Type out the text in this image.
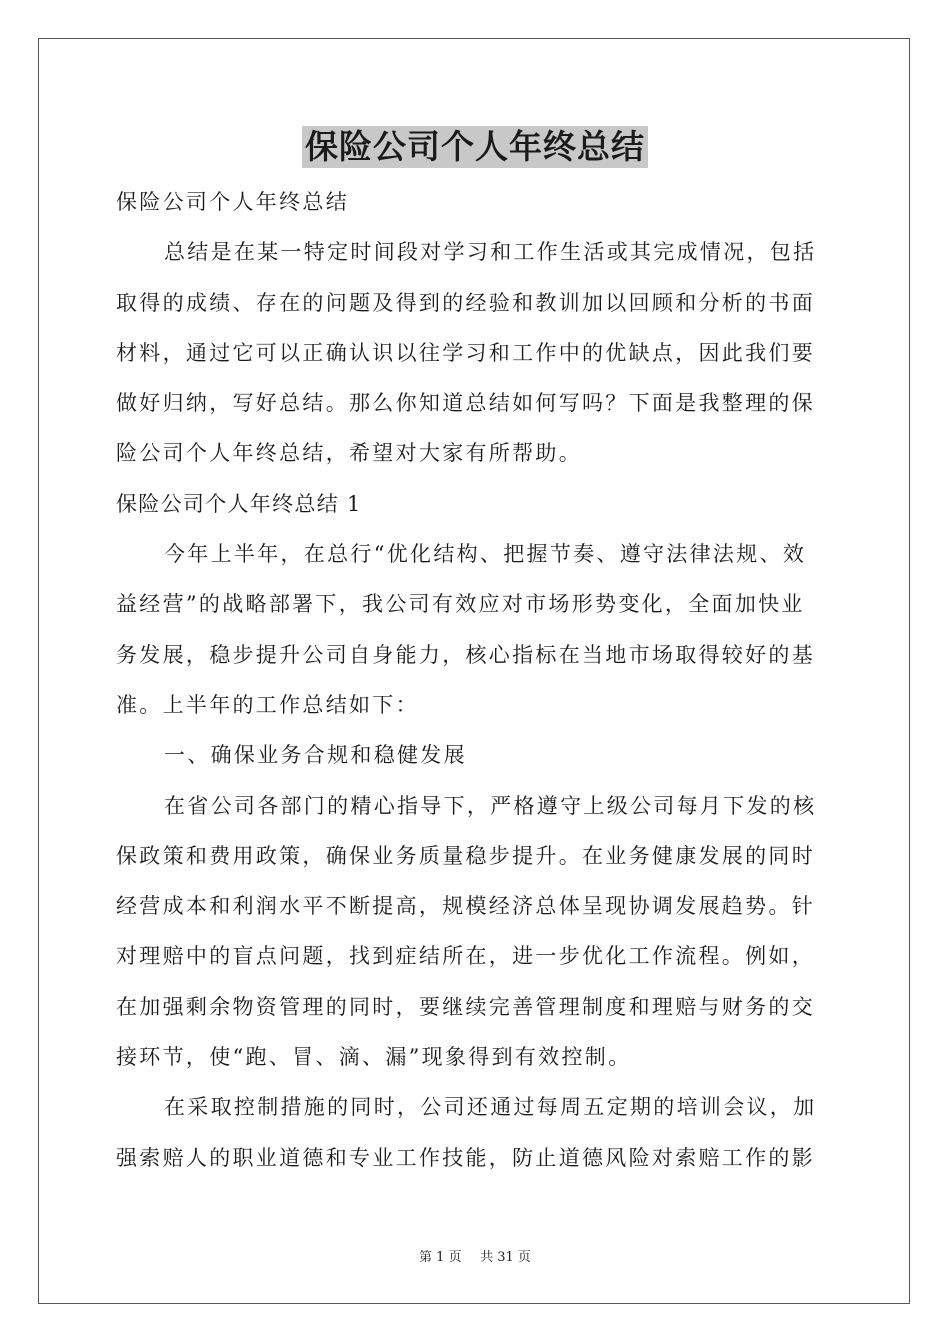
保险公司个人年终总结
保险公司个人年终总结
总结是在某一特定时间段对学习和工作生活或其完成情况，包括
取得的成绩、存在的问题及得到的经验和教训加以回顾和分析的书面
材料，通过它可以正确认识以往学习和工作中的优缺点，因此我们要
做好归纳，写好总结。那么你知道总结如何写吗？下面是我整理的保
险公司个人年终总结，希望对大家有所帮助。
保险公司个人年终总结 1
今年上半年，在总行“优化结构、把握节奏、遵守法律法规、效
益经营”的战略部署下，我公司有效应对市场形势变化，全面加快业
务发展，稳步提升公司自身能力，核心指标在当地市场取得较好的基
准。上半年的工作总结如下：
一、确保业务合规和稳健发展
在省公司各部门的精心指导下，严格遵守上级公司每月下发的核
保政策和费用政策，确保业务质量稳步提升。在业务健康发展的同时
经营成本和利润水平不断提高，规模经济总体呈现协调发展趋势。针
对理赔中的盲点问题，找到症结所在，进一步优化工作流程。例如，
在加强剩余物资管理的同时，要继续完善管理制度和理赔与财务的交
接环节，使“跑、冒、滴、漏”现象得到有效控制。
在采取控制措施的同时，公司还通过每周五定期的培训会议，加
强索赔人的职业道德和专业工作技能，防止道德风险对索赔工作的影
第 1 页 共 31 页
